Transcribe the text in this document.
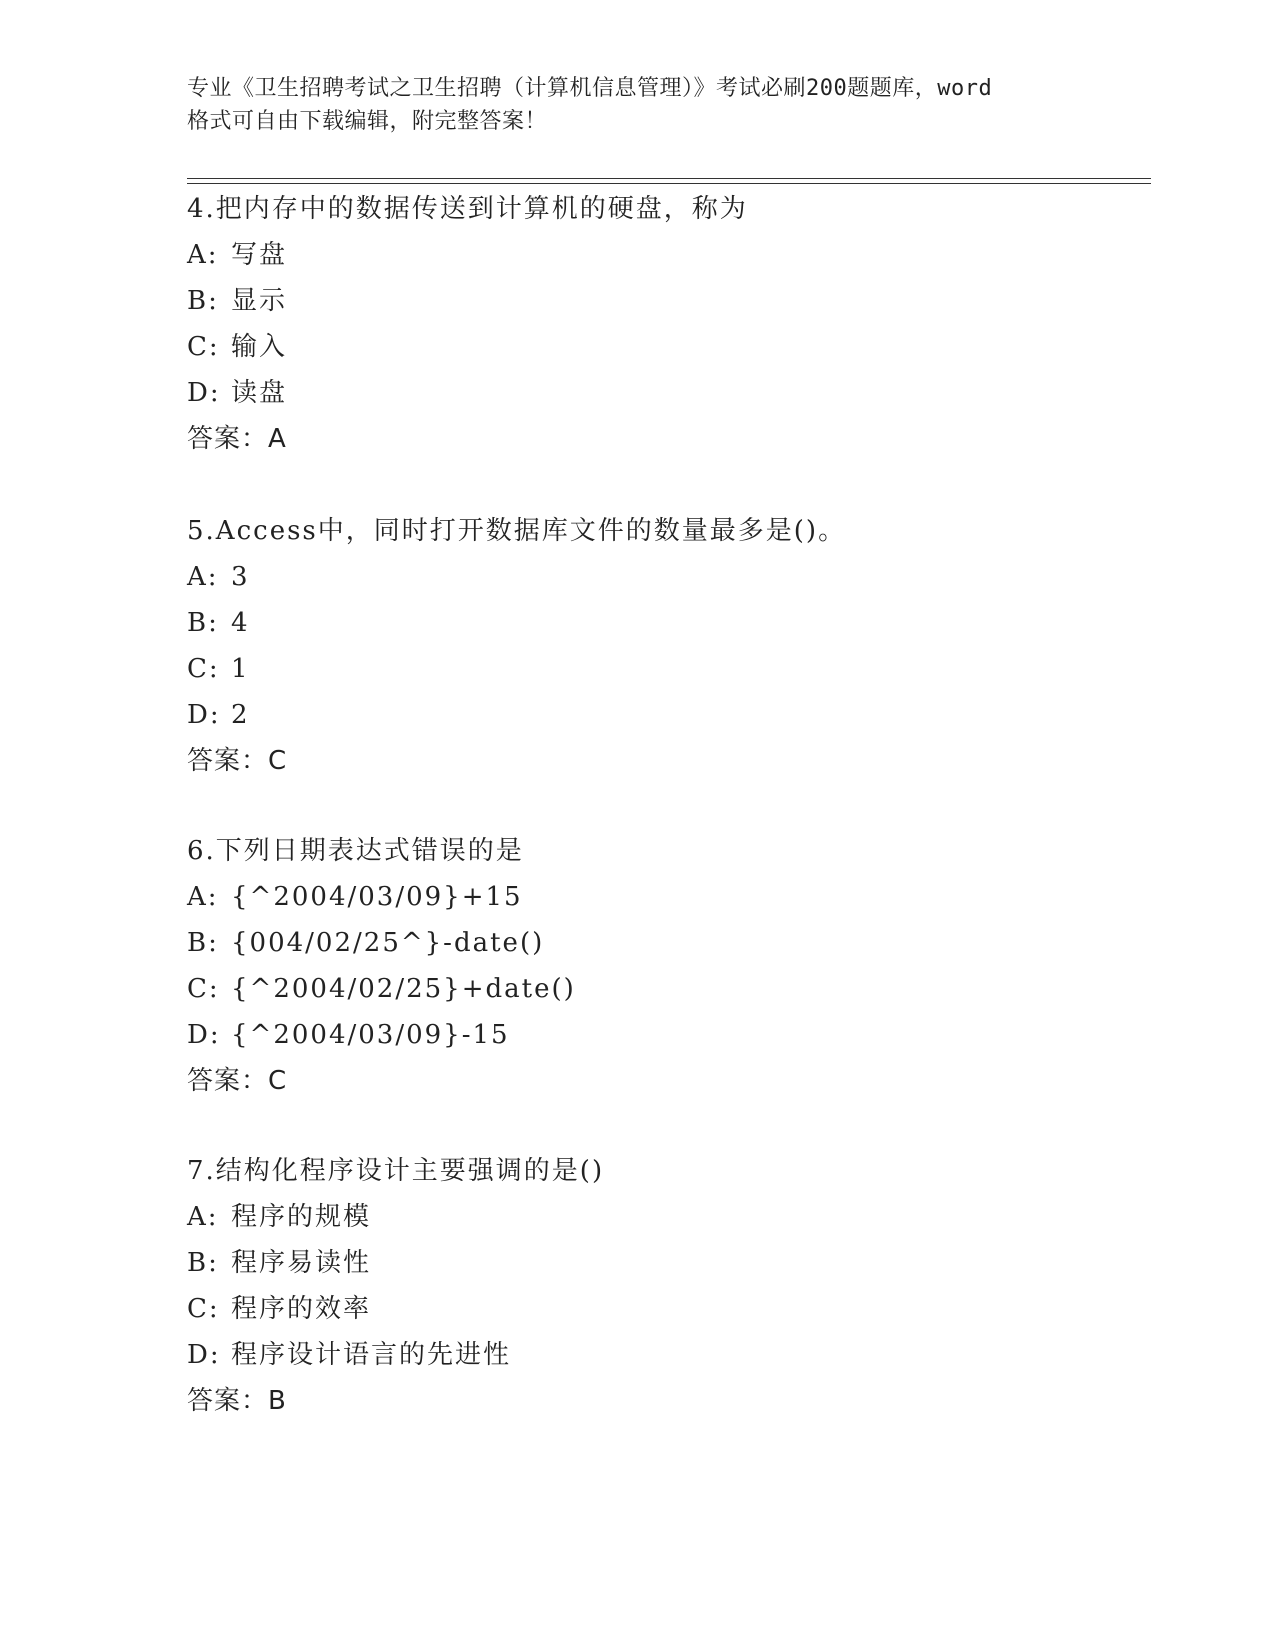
专业《卫生招聘考试之卫生招聘（计算机信息管理）》考试必刷200题题库，word
格式可自由下载编辑，附完整答案！
4.把内存中的数据传送到计算机的硬盘，称为
A: 写盘
B: 显示
C: 输入
D: 读盘
答案：A
5.Access中，同时打开数据库文件的数量最多是()。
A: 3
B: 4
C: 1
D: 2
答案：C
6.下列日期表达式错误的是
A: {^2004/03/09}+15
B: {004/02/25^}-date()
C: {^2004/02/25}+date()
D: {^2004/03/09}-15
答案：C
7.结构化程序设计主要强调的是()
A: 程序的规模
B: 程序易读性
C: 程序的效率
D: 程序设计语言的先进性
答案：B
